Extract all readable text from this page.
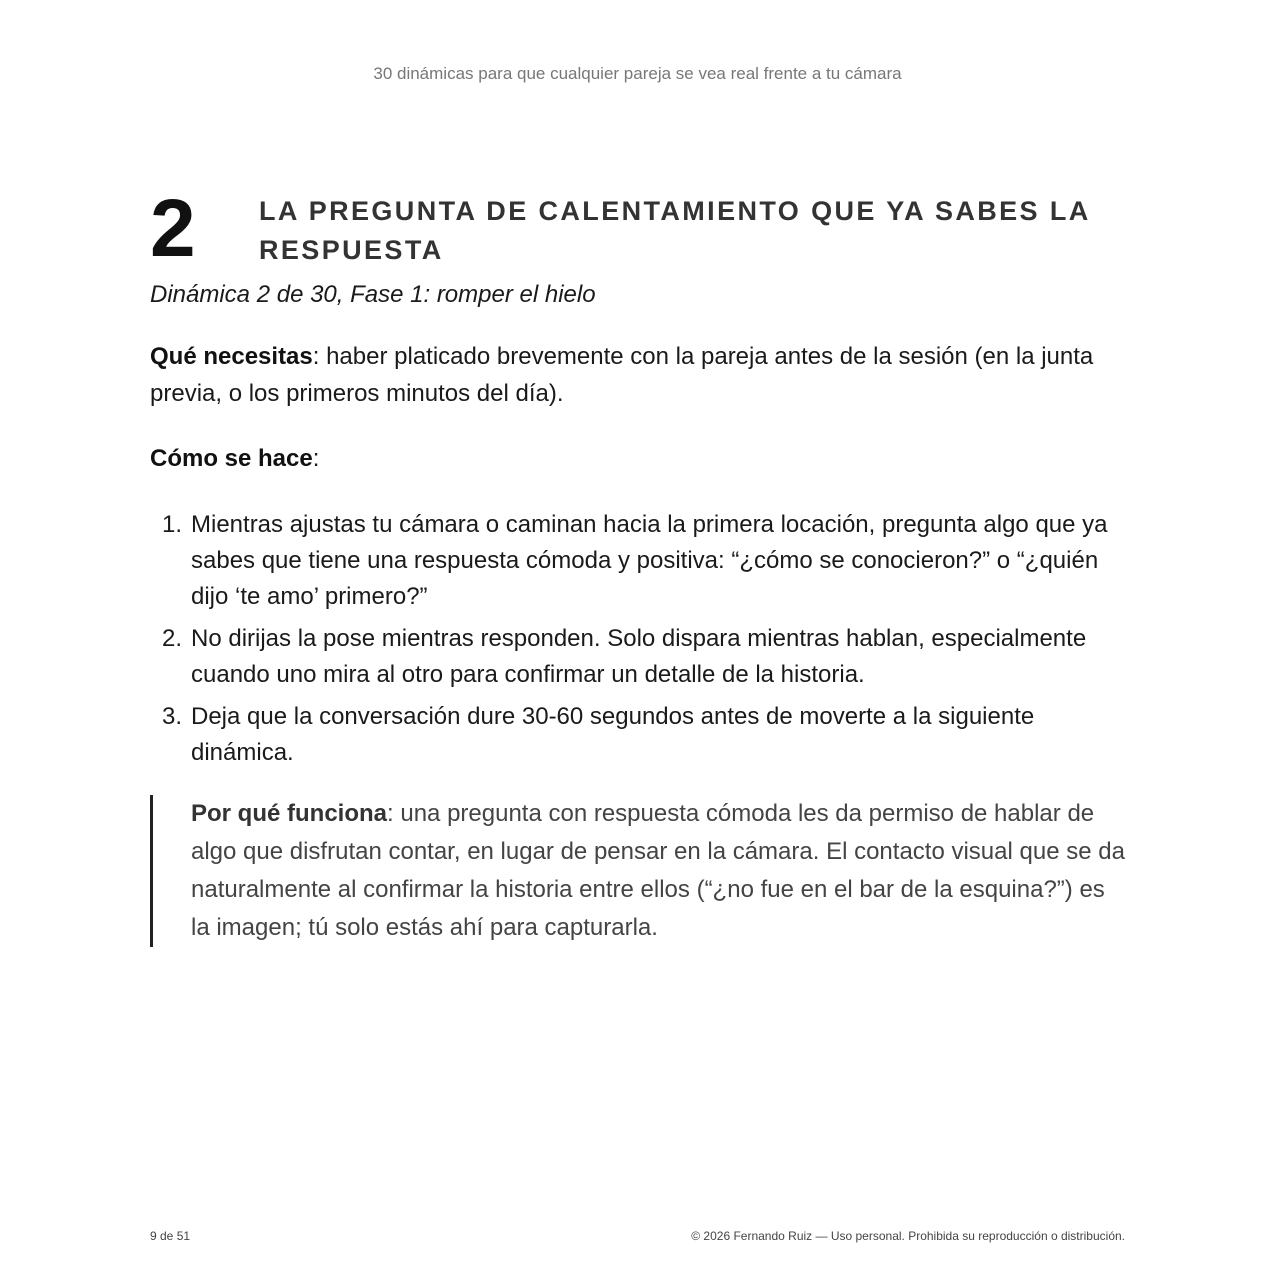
30 dinámicas para que cualquier pareja se vea real frente a tu cámara
2	LA PREGUNTA DE CALENTAMIENTO QUE YA SABES LA RESPUESTA
Dinámica 2 de 30, Fase 1: romper el hielo
Qué necesitas: haber platicado brevemente con la pareja antes de la sesión (en la junta previa, o los primeros minutos del día).
Cómo se hace:
1. Mientras ajustas tu cámara o caminan hacia la primera locación, pregunta algo que ya sabes que tiene una respuesta cómoda y positiva: “¿cómo se conocieron?” o “¿quién dijo ‘te amo’ primero?”
2. No dirijas la pose mientras responden. Solo dispara mientras hablan, especialmente cuando uno mira al otro para confirmar un detalle de la historia.
3. Deja que la conversación dure 30-60 segundos antes de moverte a la siguiente dinámica.
Por qué funciona: una pregunta con respuesta cómoda les da permiso de hablar de algo que disfrutan contar, en lugar de pensar en la cámara. El contacto visual que se da naturalmente al confirmar la historia entre ellos (“¿no fue en el bar de la esquina?”) es la imagen; tú solo estás ahí para capturarla.
9 de 51	© 2026 Fernando Ruiz — Uso personal. Prohibida su reproducción o distribución.
